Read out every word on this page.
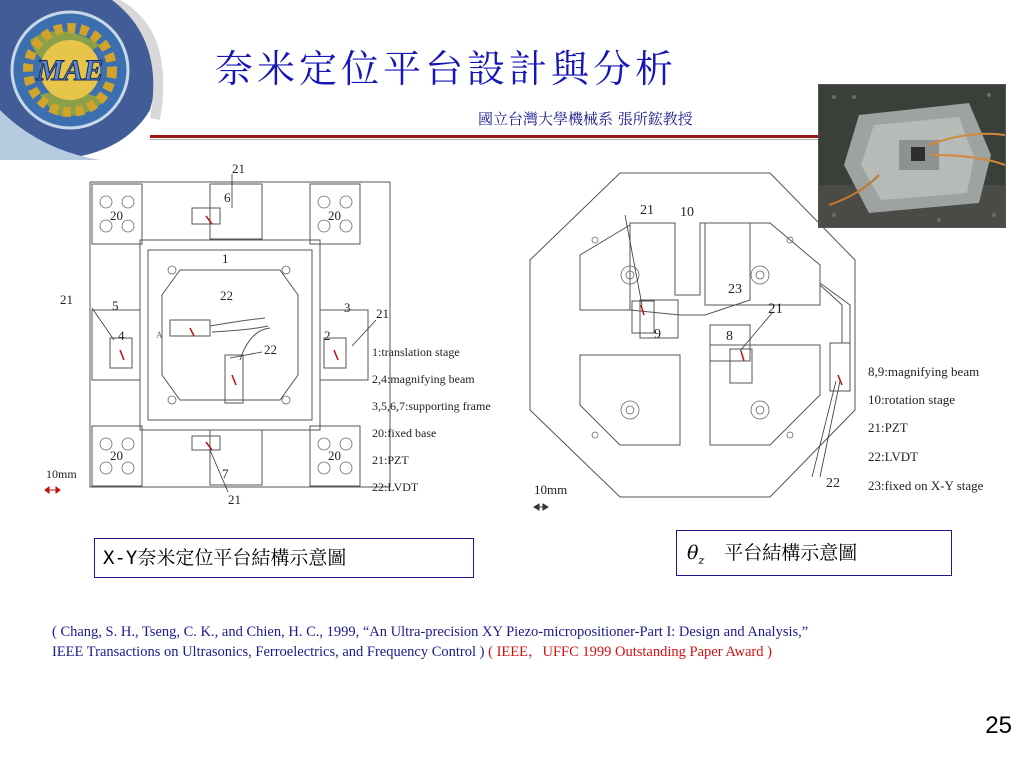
MAE	奈米定位平台設計與分析
國立台灣大學機械系 張所鋐教授
21
6
20	20
1
21	5
22
3 21
4	2
A
22
20	20
7
21
10mm
1:translation stage
2,4:magnifying beam
3,5,6,7:supporting frame
20:fixed base
21:PZT
22:LVDT
21 10
23
21
9	8
22
10mm
8,9:magnifying beam
10:rotation stage
21:PZT
22:LVDT
23:fixed on X-Y stage
X-Y奈米定位平台結構示意圖	$\theta_z$ 平台結構示意圖
( Chang, S. H., Tseng, C. K., and Chien, H. C., 1999, “An Ultra-precision XY Piezo-micropositioner-Part I: Design and Analysis,”
IEEE Transactions on Ultrasonics, Ferroelectrics, and Frequency Control ) ( IEEE，UFFC 1999 Outstanding Paper Award )
25
